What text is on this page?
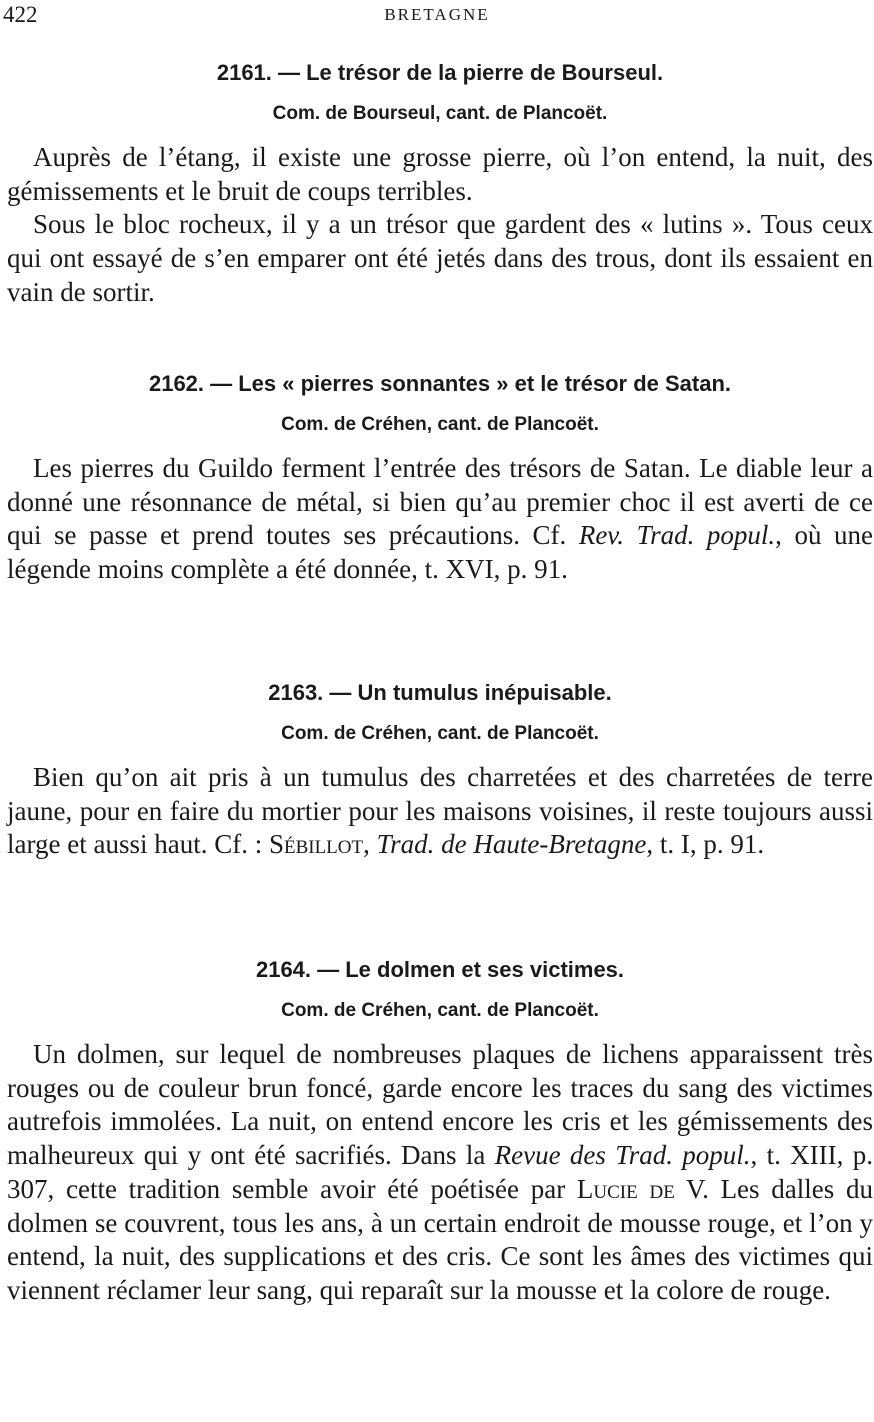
422	BRETAGNE
2161. — Le trésor de la pierre de Bourseul.
Com. de Bourseul, cant. de Plancoët.

Auprès de l’étang, il existe une grosse pierre, où l’on entend, la nuit, des gémissements et le bruit de coups terribles.

Sous le bloc rocheux, il y a un trésor que gardent des « lutins ». Tous ceux qui ont essayé de s’en emparer ont été jetés dans des trous, dont ils essaient en vain de sortir.

2162. — Les « pierres sonnantes » et le trésor de Satan.
Com. de Créhen, cant. de Plancoët.

Les pierres du Guildo ferment l’entrée des trésors de Satan. Le diable leur a donné une résonnance de métal, si bien qu’au premier choc il est averti de ce qui se passe et prend toutes ses précautions. Cf. Rev. Trad. popul., où une légende moins complète a été donnée, t. XVI, p. 91.

2163. — Un tumulus inépuisable.
Com. de Créhen, cant. de Plancoët.

Bien qu’on ait pris à un tumulus des charretées et des charretées de terre jaune, pour en faire du mortier pour les maisons voisines, il reste toujours aussi large et aussi haut. Cf. : Sébillot, Trad. de Haute-Bretagne, t. I, p. 91.

2164. — Le dolmen et ses victimes.
Com. de Créhen, cant. de Plancoët.

Un dolmen, sur lequel de nombreuses plaques de lichens apparaissent très rouges ou de couleur brun foncé, garde encore les traces du sang des victimes autrefois immolées. La nuit, on entend encore les cris et les gémissements des malheureux qui y ont été sacrifiés. Dans la Revue des Trad. popul., t. XIII, p. 307, cette tradition semble avoir été poétisée par Lucie de V. Les dalles du dolmen se couvrent, tous les ans, à un certain endroit de mousse rouge, et l’on y entend, la nuit, des supplications et des cris. Ce sont les âmes des victimes qui viennent réclamer leur sang, qui reparaît sur la mousse et la colore de rouge.
